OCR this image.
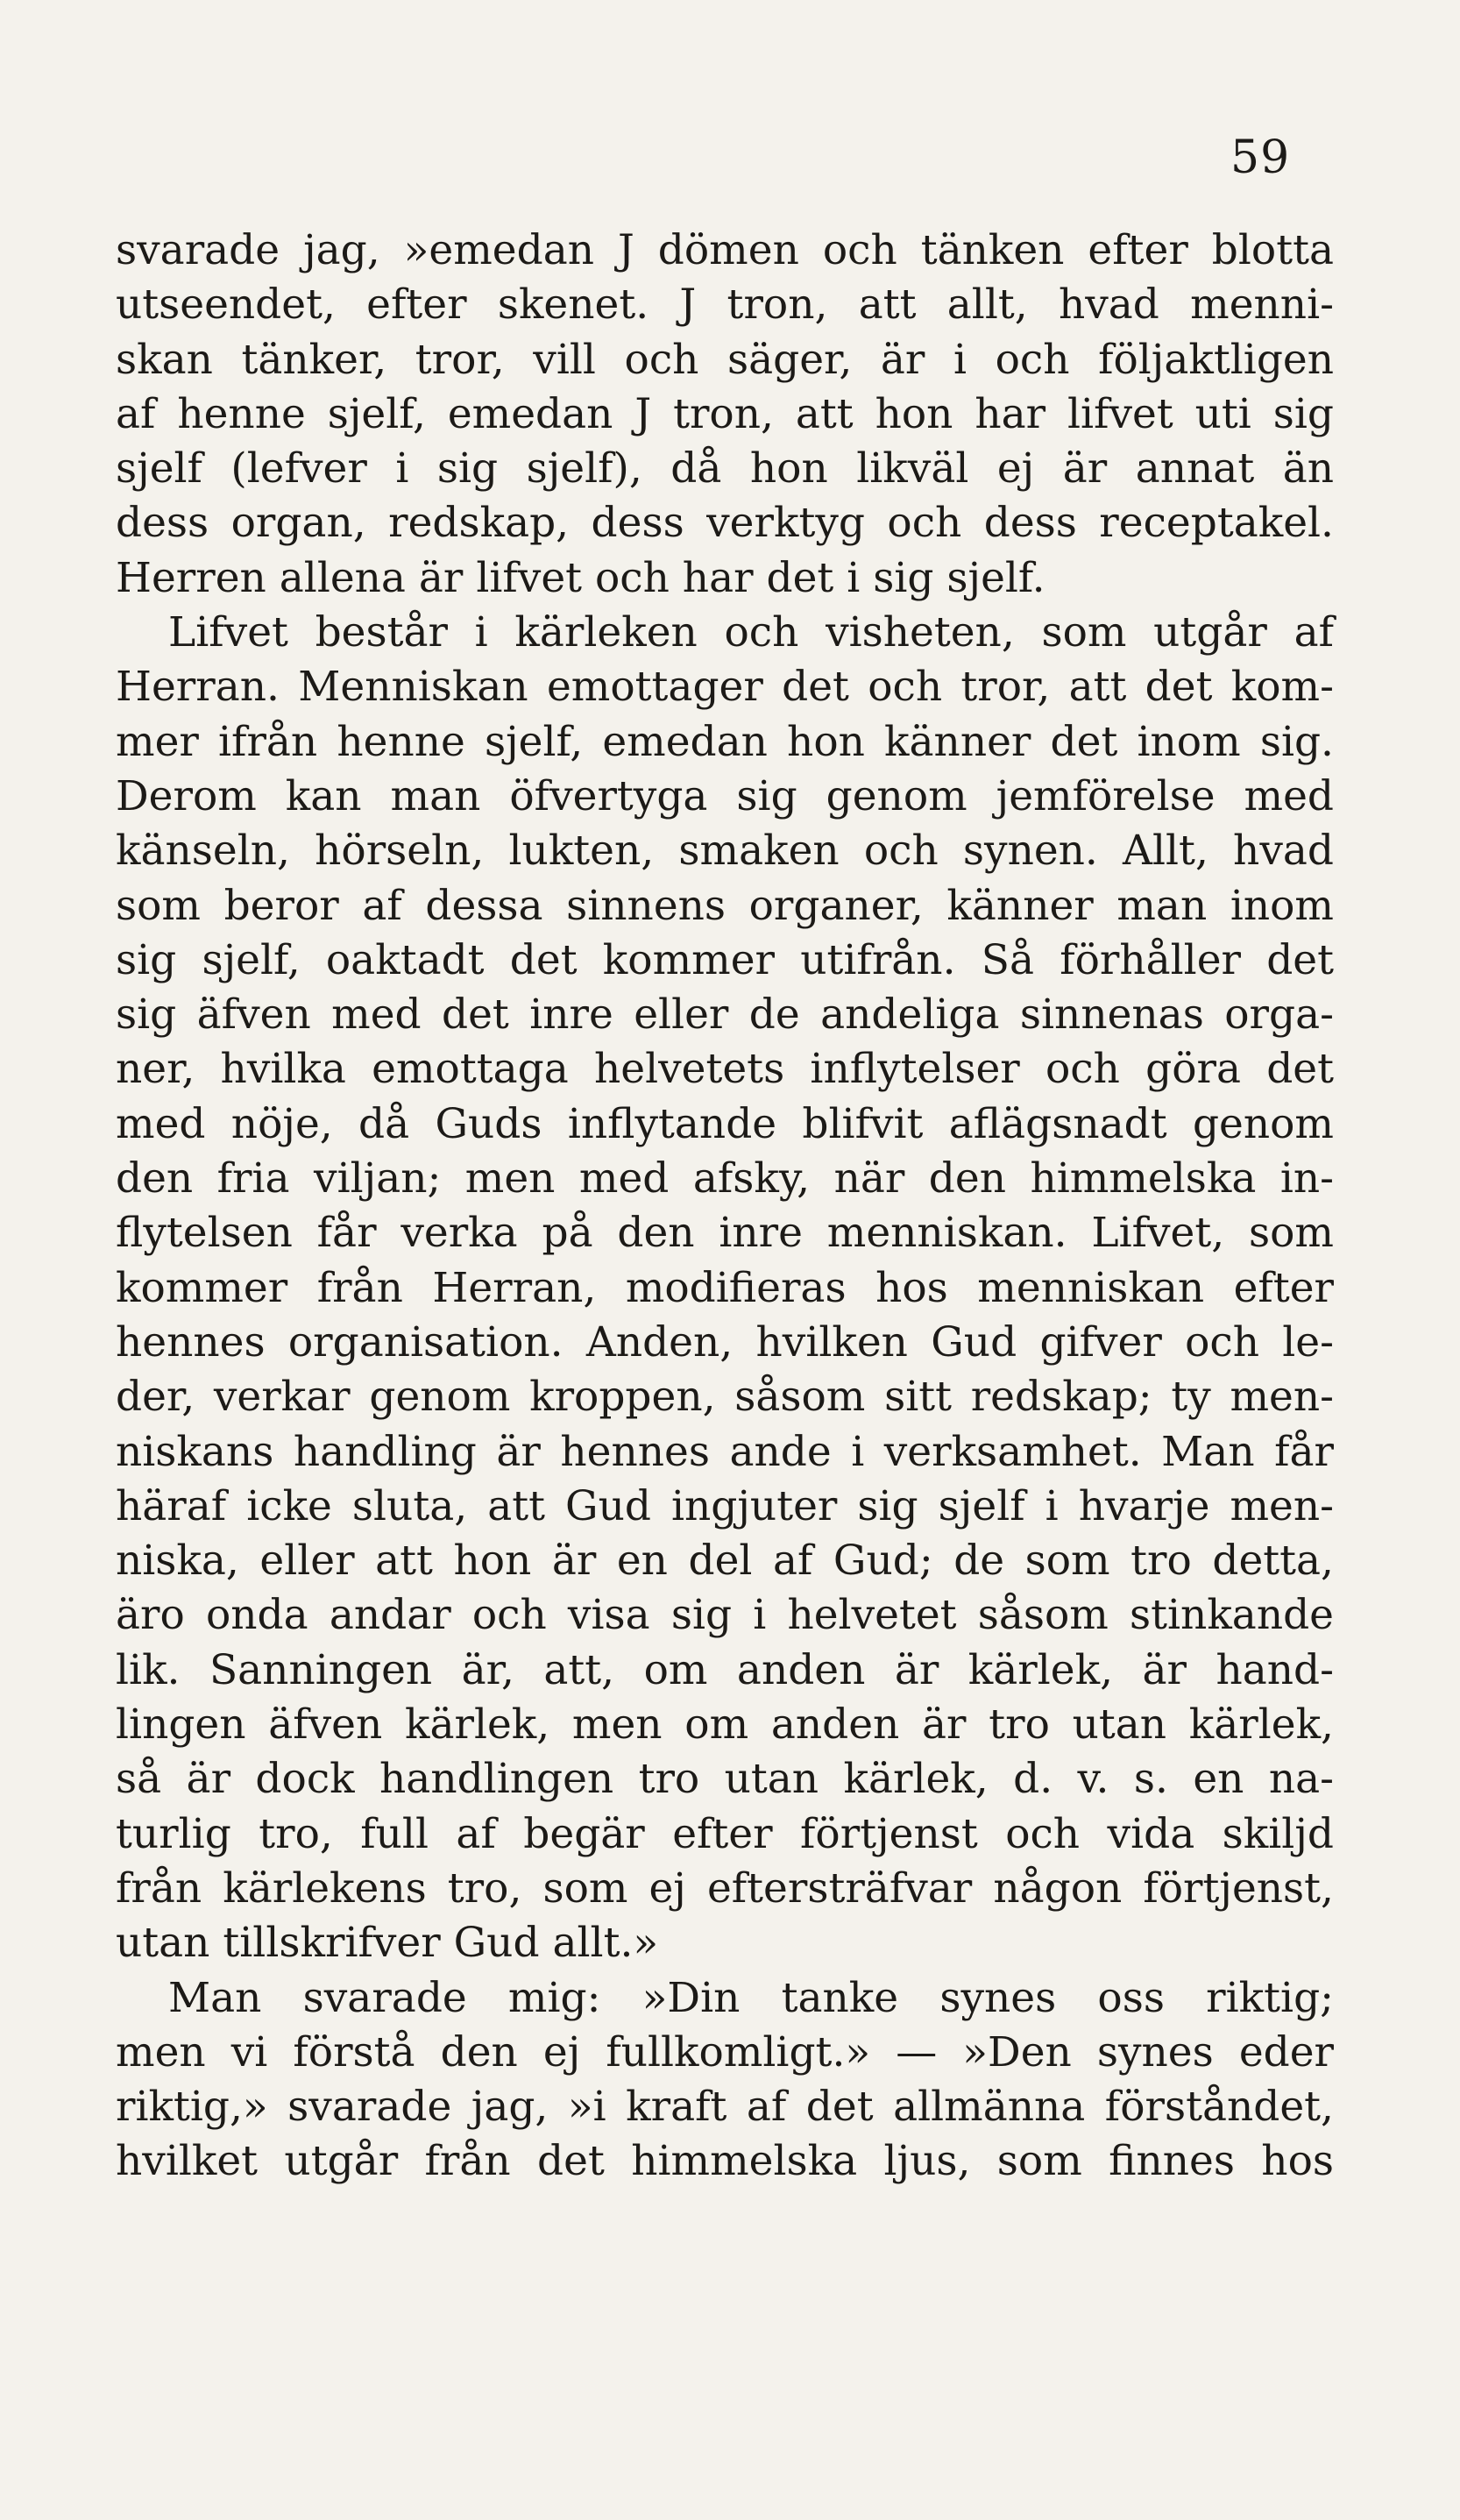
59
svarade jag, »emedan J dömen och tänken efter blotta
utseendet, efter skenet. J tron, att allt, hvad menni-
skan tänker, tror, vill och säger, är i och följaktligen
af henne sjelf, emedan J tron, att hon har lifvet uti sig
sjelf (lefver i sig sjelf), då hon likväl ej är annat än
dess organ, redskap, dess verktyg och dess receptakel.
Herren allena är lifvet och har det i sig sjelf.
Lifvet består i kärleken och visheten, som utgår af
Herran. Menniskan emottager det och tror, att det kom-
mer ifrån henne sjelf, emedan hon känner det inom sig.
Derom kan man öfvertyga sig genom jemförelse med
känseln, hörseln, lukten, smaken och synen. Allt, hvad
som beror af dessa sinnens organer, känner man inom
sig sjelf, oaktadt det kommer utifrån. Så förhåller det
sig äfven med det inre eller de andeliga sinnenas orga-
ner, hvilka emottaga helvetets inflytelser och göra det
med nöje, då Guds inflytande blifvit aflägsnadt genom
den fria viljan; men med afsky, när den himmelska in-
flytelsen får verka på den inre menniskan. Lifvet, som
kommer från Herran, modifieras hos menniskan efter
hennes organisation. Anden, hvilken Gud gifver och le-
der, verkar genom kroppen, såsom sitt redskap; ty men-
niskans handling är hennes ande i verksamhet. Man får
häraf icke sluta, att Gud ingjuter sig sjelf i hvarje men-
niska, eller att hon är en del af Gud; de som tro detta,
äro onda andar och visa sig i helvetet såsom stinkande
lik. Sanningen är, att, om anden är kärlek, är hand-
lingen äfven kärlek, men om anden är tro utan kärlek,
så är dock handlingen tro utan kärlek, d. v. s. en na-
turlig tro, full af begär efter förtjenst och vida skiljd
från kärlekens tro, som ej eftersträfvar någon förtjenst,
utan tillskrifver Gud allt.»
Man svarade mig: »Din tanke synes oss riktig;
men vi förstå den ej fullkomligt.» — »Den synes eder
riktig,» svarade jag, »i kraft af det allmänna förståndet,
hvilket utgår från det himmelska ljus, som finnes hos
